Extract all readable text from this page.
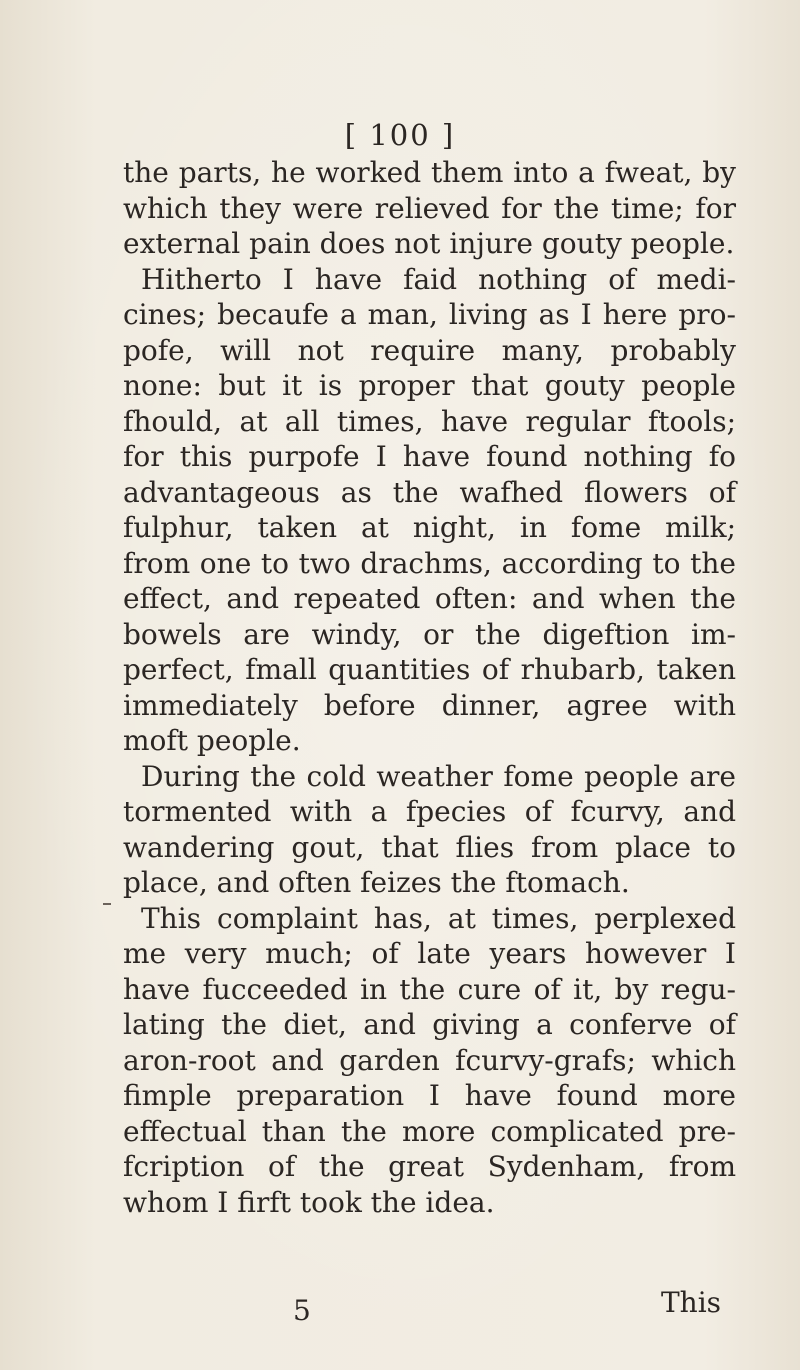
[ 100 ]
the parts, he worked them into a fweat, by
which they were relieved for the time; for
external pain does not injure gouty people.
Hitherto I have faid nothing of medi-
cines; becaufe a man, living as I here pro-
pofe, will not require many, probably
none: but it is proper that gouty people
fhould, at all times, have regular ftools;
for this purpofe I have found nothing fo
advantageous as the wafhed flowers of
fulphur, taken at night, in fome milk;
from one to two drachms, according to the
effect, and repeated often: and when the
bowels are windy, or the digeftion im-
perfect, fmall quantities of rhubarb, taken
immediately before dinner, agree with
moft people.
During the cold weather fome people are
tormented with a fpecies of fcurvy, and
wandering gout, that flies from place to
place, and often feizes the ftomach.
This complaint has, at times, perplexed
me very much; of late years however I
have fucceeded in the cure of it, by regu-
lating the diet, and giving a conferve of
aron-root and garden fcurvy-grafs; which
fimple preparation I have found more
effectual than the more complicated pre-
fcription of the great Sydenham, from
whom I firft took the idea.
5	This
